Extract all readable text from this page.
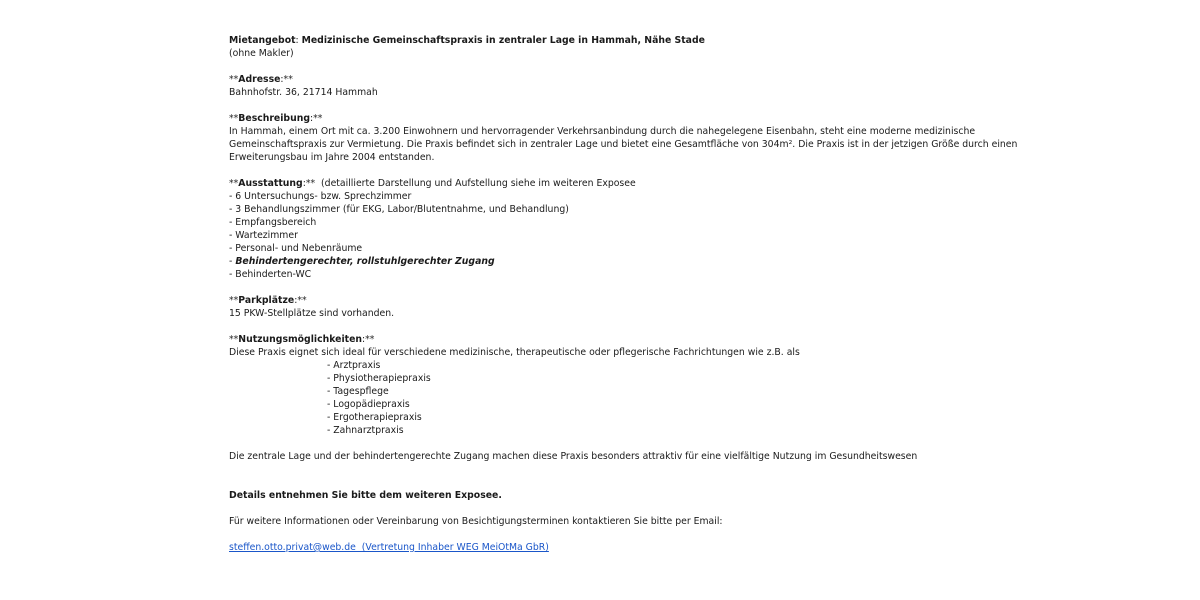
Mietangebot: Medizinische Gemeinschaftspraxis in zentraler Lage in Hammah, Nähe Stade
(ohne Makler)
**Adresse:**
Bahnhofstr. 36, 21714 Hammah
**Beschreibung:**
In Hammah, einem Ort mit ca. 3.200 Einwohnern und hervorragender Verkehrsanbindung durch die nahegelegene Eisenbahn, steht eine moderne medizinische
Gemeinschaftspraxis zur Vermietung. Die Praxis befindet sich in zentraler Lage und bietet eine Gesamtfläche von 304m². Die Praxis ist in der jetzigen Größe durch einen
Erweiterungsbau im Jahre 2004 entstanden.
**Ausstattung:**  (detaillierte Darstellung und Aufstellung siehe im weiteren Exposee
- 6 Untersuchungs- bzw. Sprechzimmer
- 3 Behandlungszimmer (für EKG, Labor/Blutentnahme, und Behandlung)
- Empfangsbereich
- Wartezimmer
- Personal- und Nebenräume
- Behindertengerechter, rollstuhlgerechter Zugang
- Behinderten-WC
**Parkplätze:**
15 PKW-Stellplätze sind vorhanden.
**Nutzungsmöglichkeiten:**
Diese Praxis eignet sich ideal für verschiedene medizinische, therapeutische oder pflegerische Fachrichtungen wie z.B. als
- Arztpraxis
- Physiotherapiepraxis
- Tagespflege
- Logopädiepraxis
- Ergotherapiepraxis
- Zahnarztpraxis
Die zentrale Lage und der behindertengerechte Zugang machen diese Praxis besonders attraktiv für eine vielfältige Nutzung im Gesundheitswesen
Details entnehmen Sie bitte dem weiteren Exposee.
Für weitere Informationen oder Vereinbarung von Besichtigungsterminen kontaktieren Sie bitte per Email:
steffen.otto.privat@web.de  (Vertretung Inhaber WEG MeiOtMa GbR)
